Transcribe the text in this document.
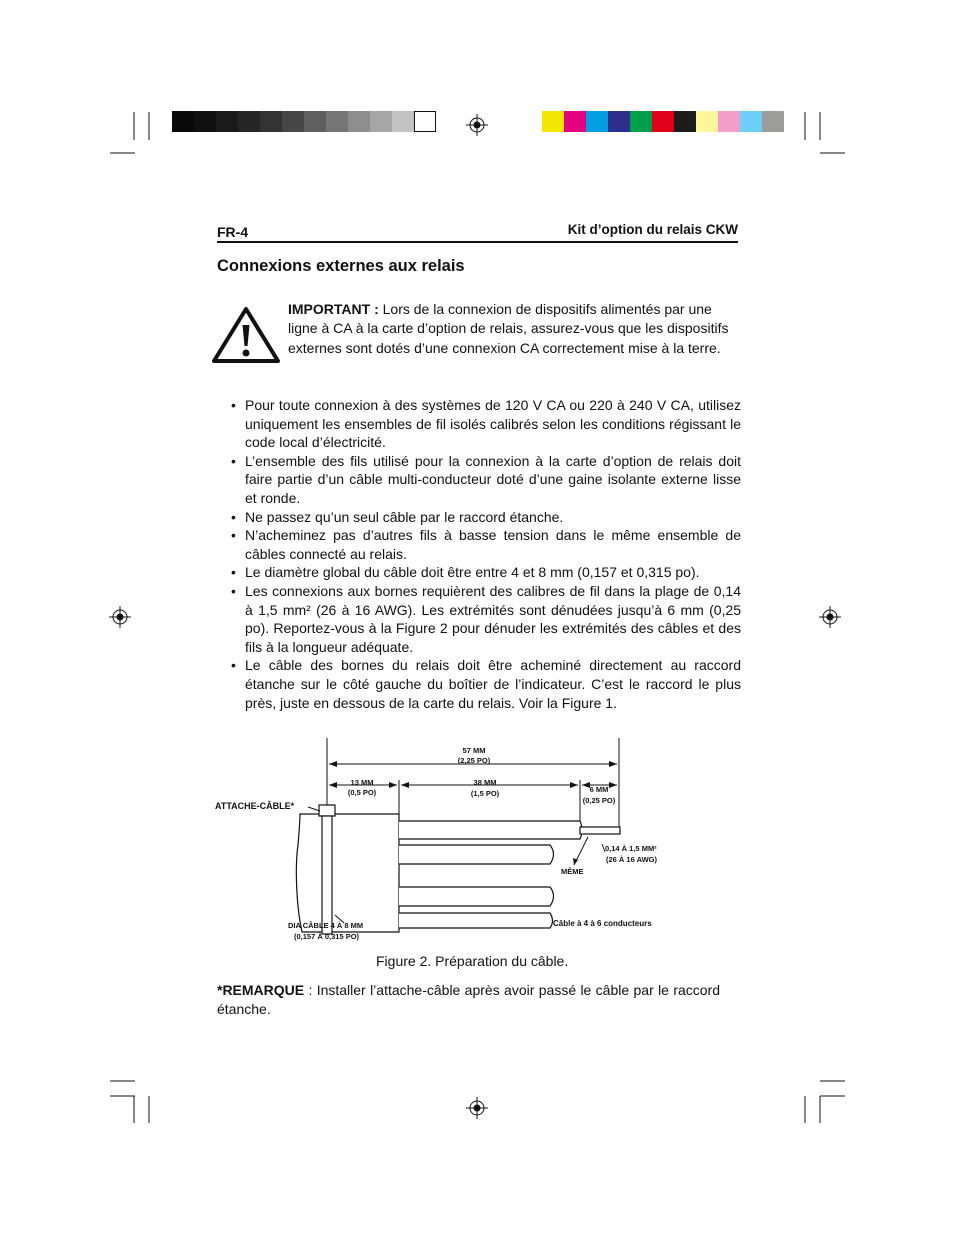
FR-4	Kit d’option du relais CKW
Connexions externes aux relais
IMPORTANT : Lors de la connexion de dispositifs alimentés par une ligne à CA à la carte d’option de relais, assurez-vous que les dispositifs externes sont dotés d’une connexion CA correctement mise à la terre.
• Pour toute connexion à des systèmes de 120 V CA ou 220 à 240 V CA, utilisez uniquement les ensembles de fil isolés calibrés selon les conditions régissant le code local d’électricité.
• L’ensemble des fils utilisé pour la connexion à la carte d’option de relais doit faire partie d’un câble multi-conducteur doté d’une gaine isolante externe lisse et ronde.
• Ne passez qu’un seul câble par le raccord étanche.
• N’acheminez pas d’autres fils à basse tension dans le même ensemble de câbles connecté au relais.
• Le diamètre global du câble doit être entre 4 et 8 mm (0,157 et 0,315 po).
• Les connexions aux bornes requièrent des calibres de fil dans la plage de 0,14 à 1,5 mm² (26 à 16 AWG). Les extrémités sont dénudées jusqu’à 6 mm (0,25 po). Reportez-vous à la Figure 2 pour dénuder les extrémités des câbles et des fils à la longueur adéquate.
• Le câble des bornes du relais doit être acheminé directement au raccord étanche sur le côté gauche du boîtier de l’indicateur. C’est le raccord le plus près, juste en dessous de la carte du relais. Voir la Figure 1.
57 MM
(2,25 PO)
13 MM
(0,5 PO)
38 MM
(1,5 PO)	6 MM
(0,25 PO)
ATTACHE-CÂBLE*
0,14 À 1,5 MM²
(26 À 16 AWG)
MÊME
DIA CÂBLE 4 À 8 MM
(0,157 À 0,315 PO)
Câble à 4 à 6 conducteurs
Figure 2. Préparation du câble.
*REMARQUE : Installer l’attache-câble après avoir passé le câble par le raccord étanche.
